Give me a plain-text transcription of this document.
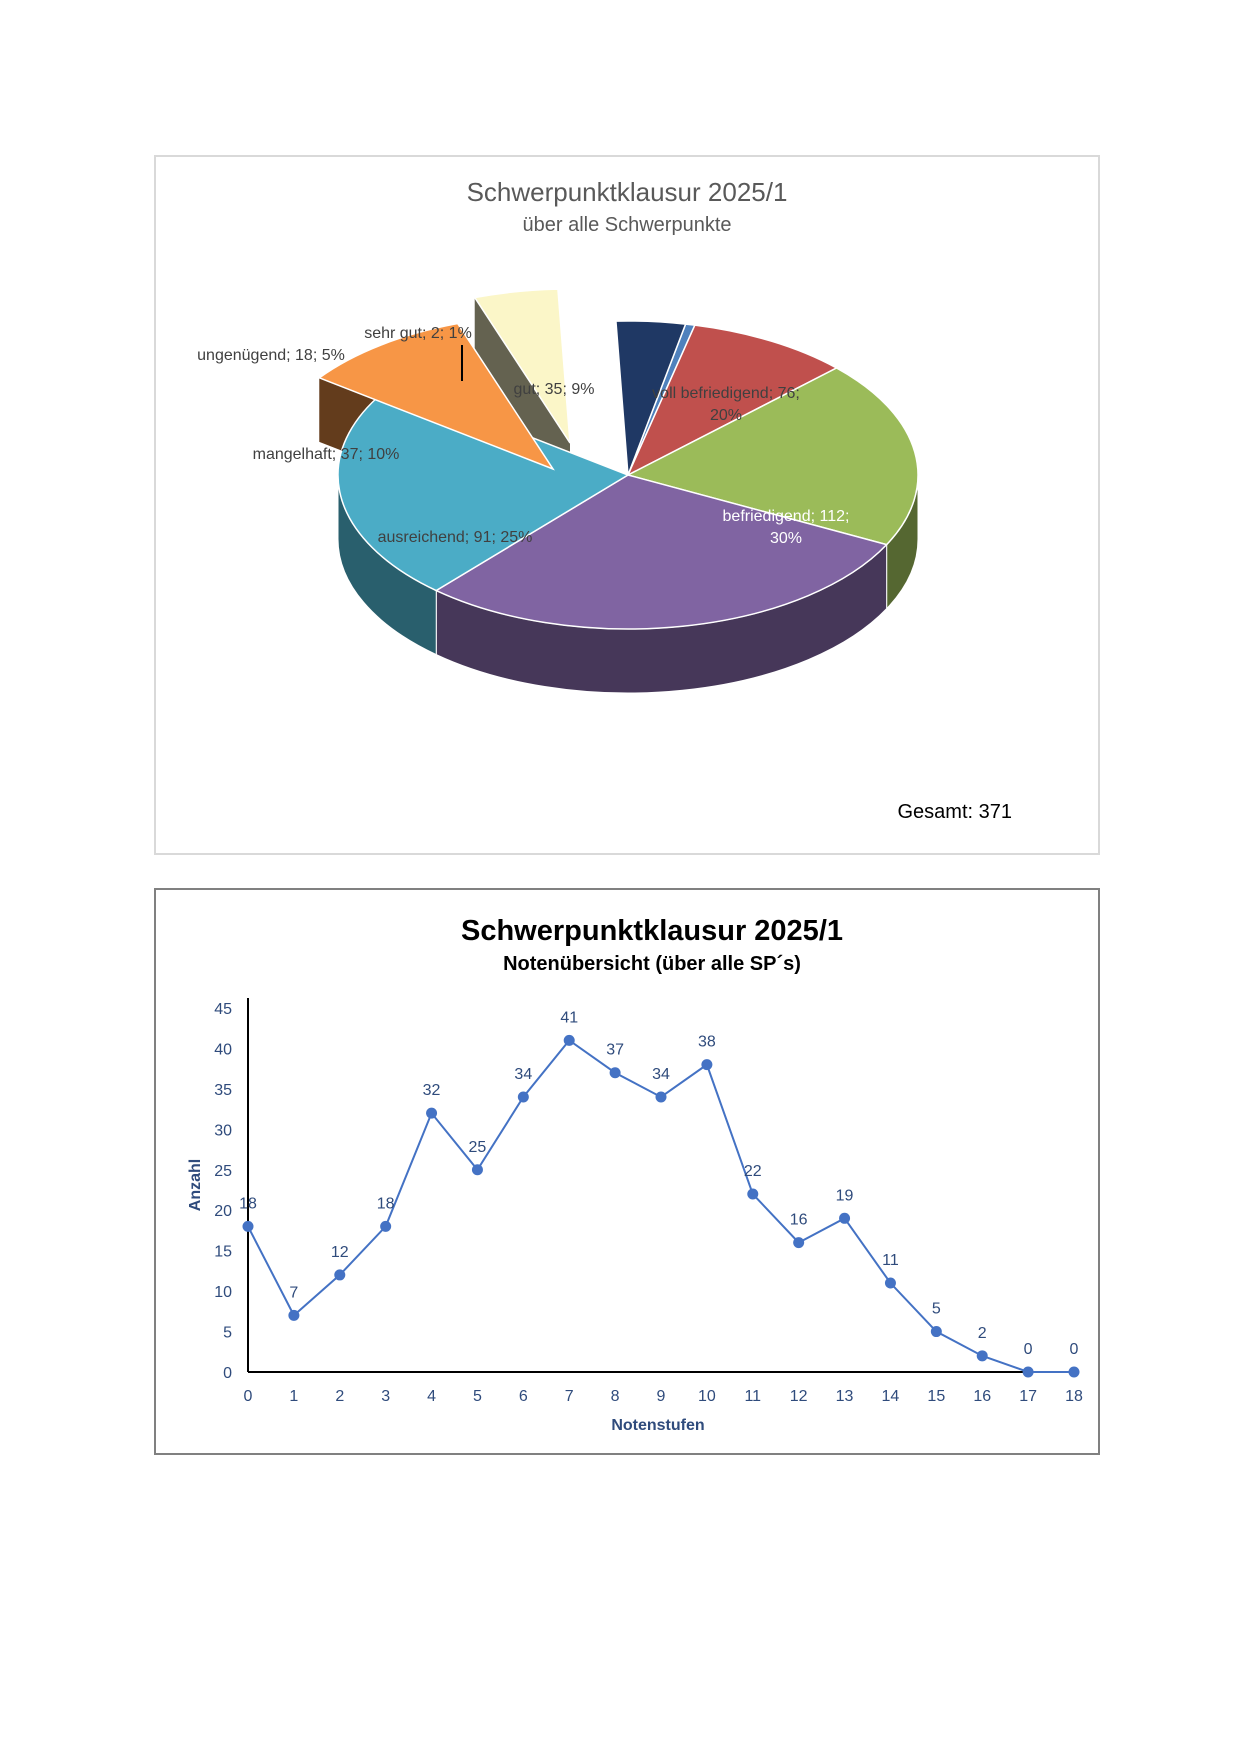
Schwerpunktklausur 2025/1
über alle Schwerpunkte
sehr gut; 2; 1%
gut; 35; 9%	voll befriedigend; 76; 20%
befriedigend; 112; 30%
ausreichend; 91; 25%
mangelhaft; 37; 10%
ungenügend; 18; 5%
Gesamt: 371
Schwerpunktklausur 2025/1
Notenübersicht (über alle SP´s)
0
5
10
15
20
25
30
35
40
45
0 1 2 3 4 5 6 7 8 9 10 11 12 13 14 15 16 17 18
18
7
12
18
32
25
34
41
37
34
38
22
16
19
11
5
2
0 0
Notenstufen
Anzahl
